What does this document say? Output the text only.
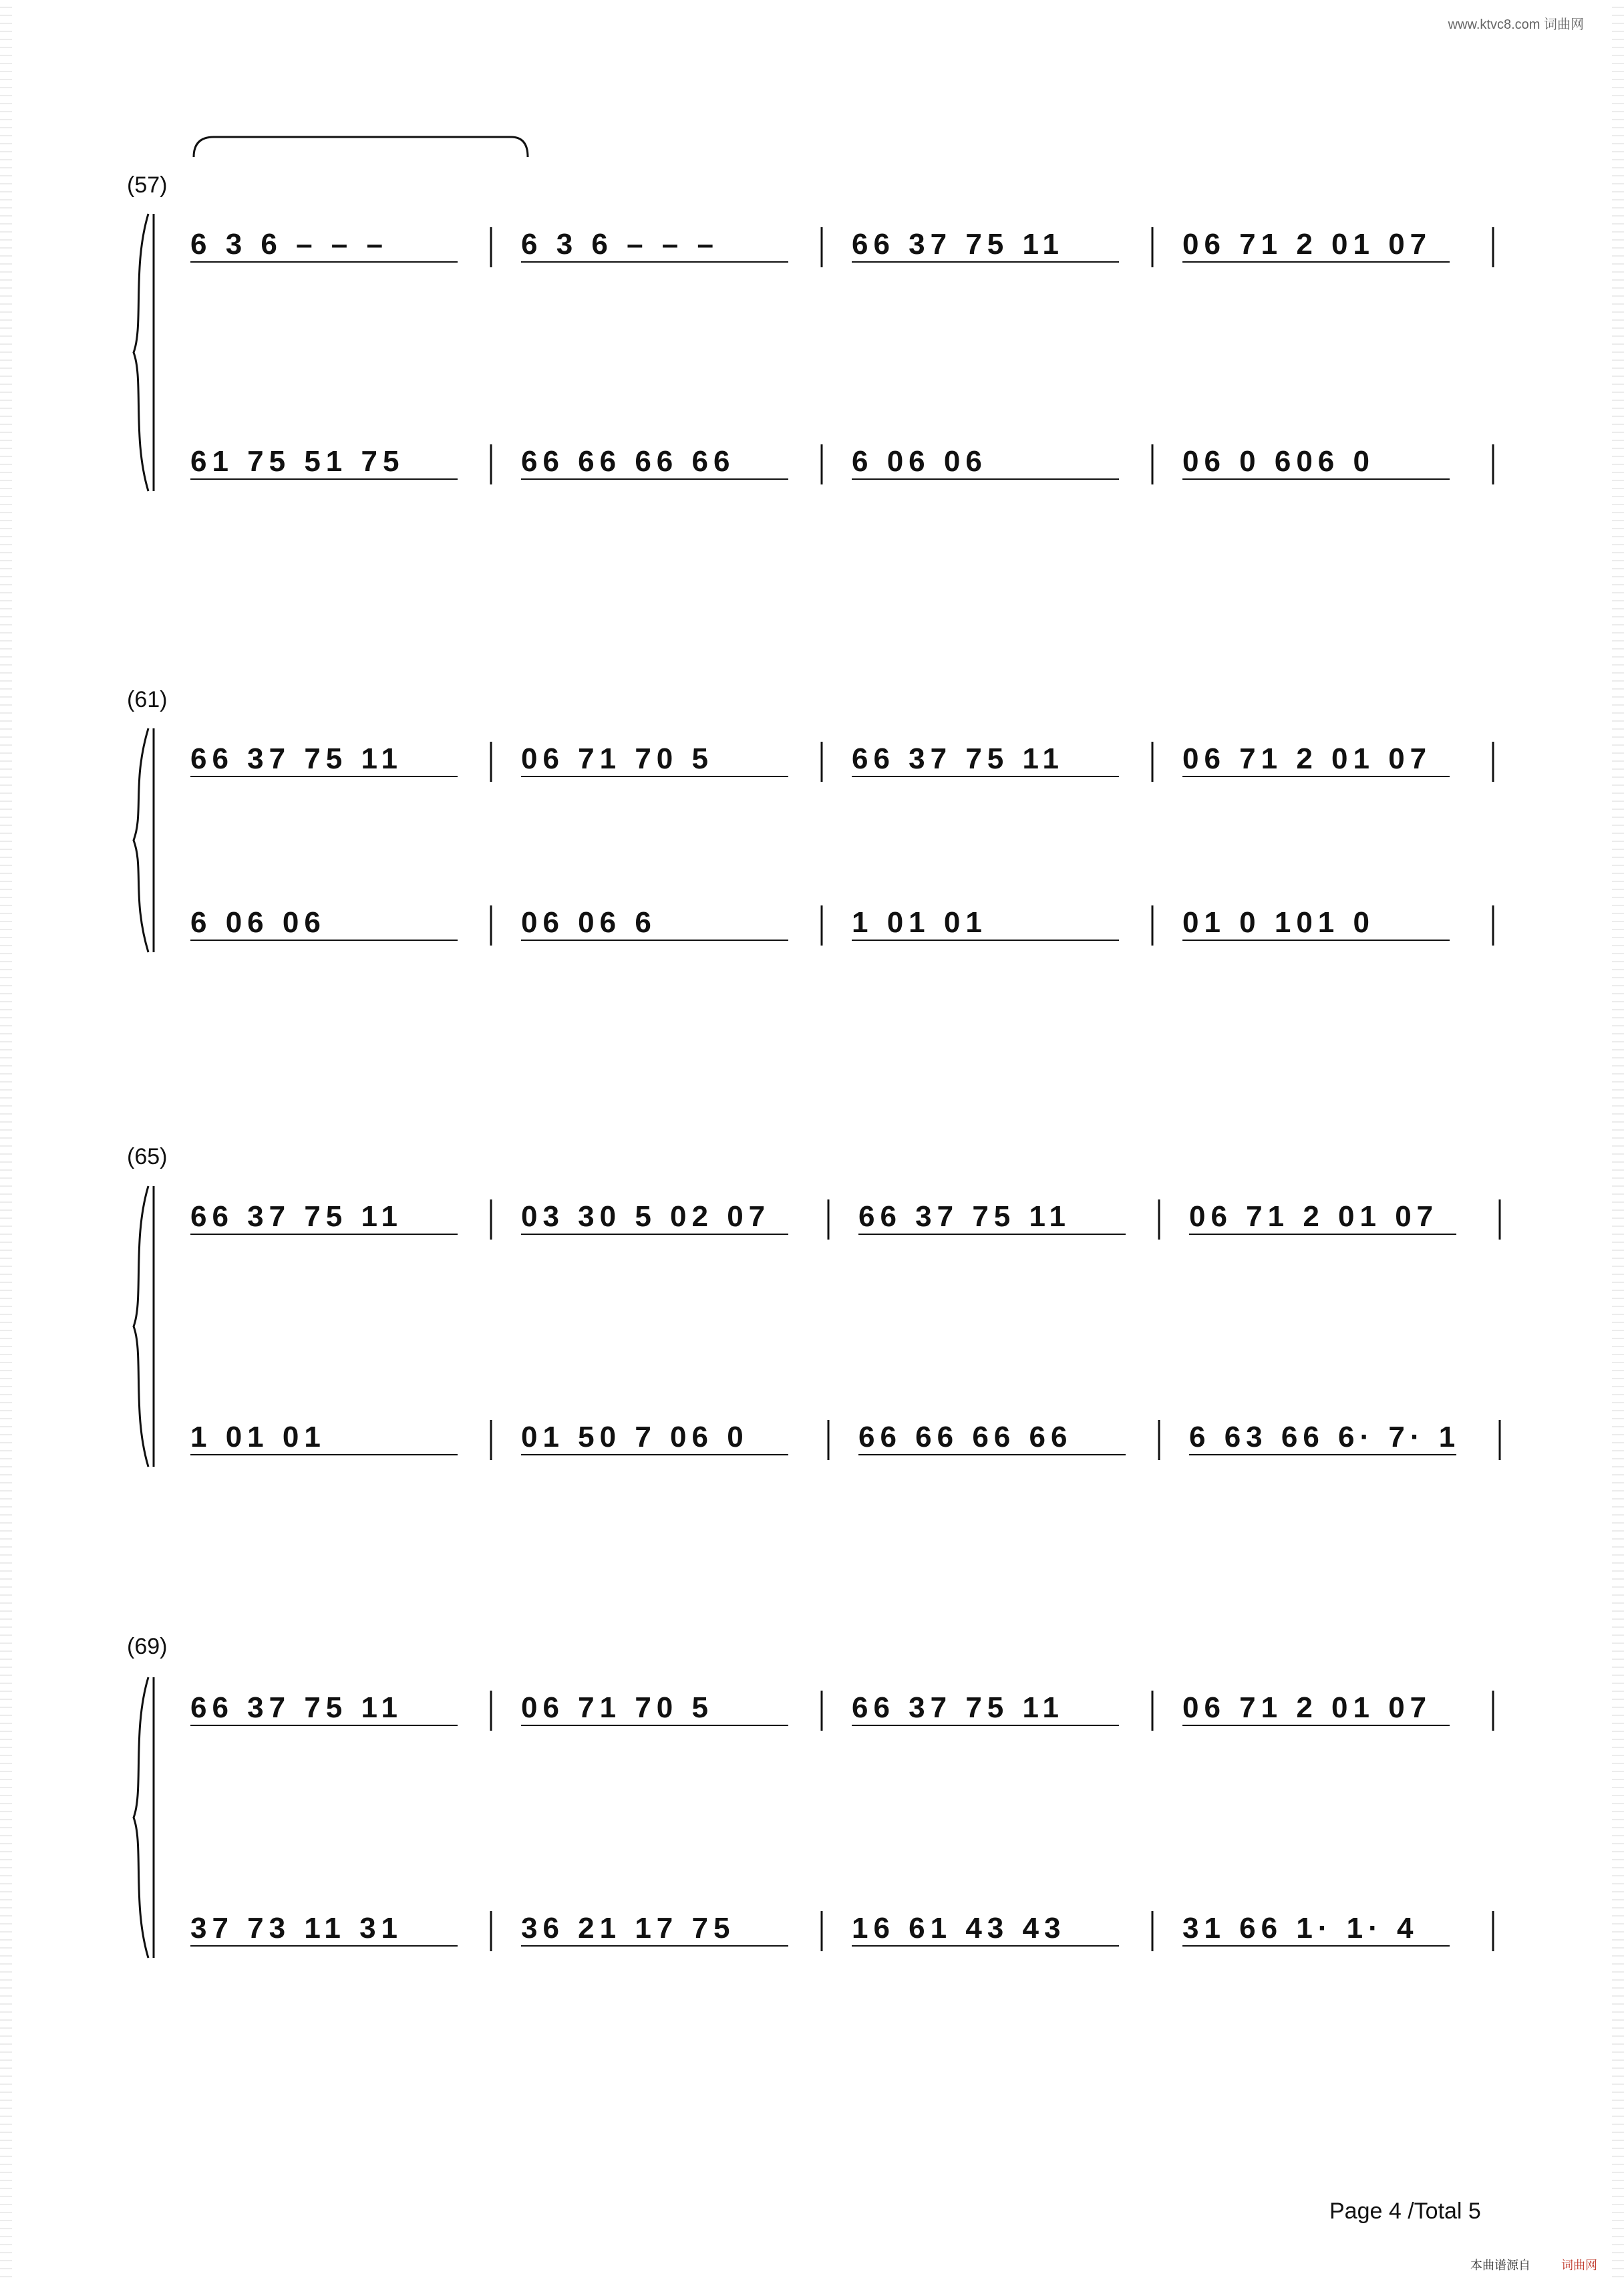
www.ktvc8.com 词曲网
6 3 6 – – –	6 3 6 – – –	66 37 75 11	06 71 2 01 07
61 75 51 75	66 66 66 66	6 06 06	06 0 606 0
66 37 75 11	06 71 70 5	66 37 75 11	06 71 2 01 07
6 06 06	06 06 6	1 01 01	01 0 101 0
66 37 75 11	03 30 5 02 07	66 37 75 11	06 71 2 01 07
1 01 01	01 50 7 06 0	66 66 66 66	6 63 66 6· 7· 1
66 37 75 11	06 71 70 5	66 37 75 11	06 71 2 01 07
37 73 11 31	36 21 17 75	16 61 43 43	31 66 1· 1· 4
(57)
(61)
(65)
(69)
Page 4 /Total 5
本曲谱源自	词曲网
